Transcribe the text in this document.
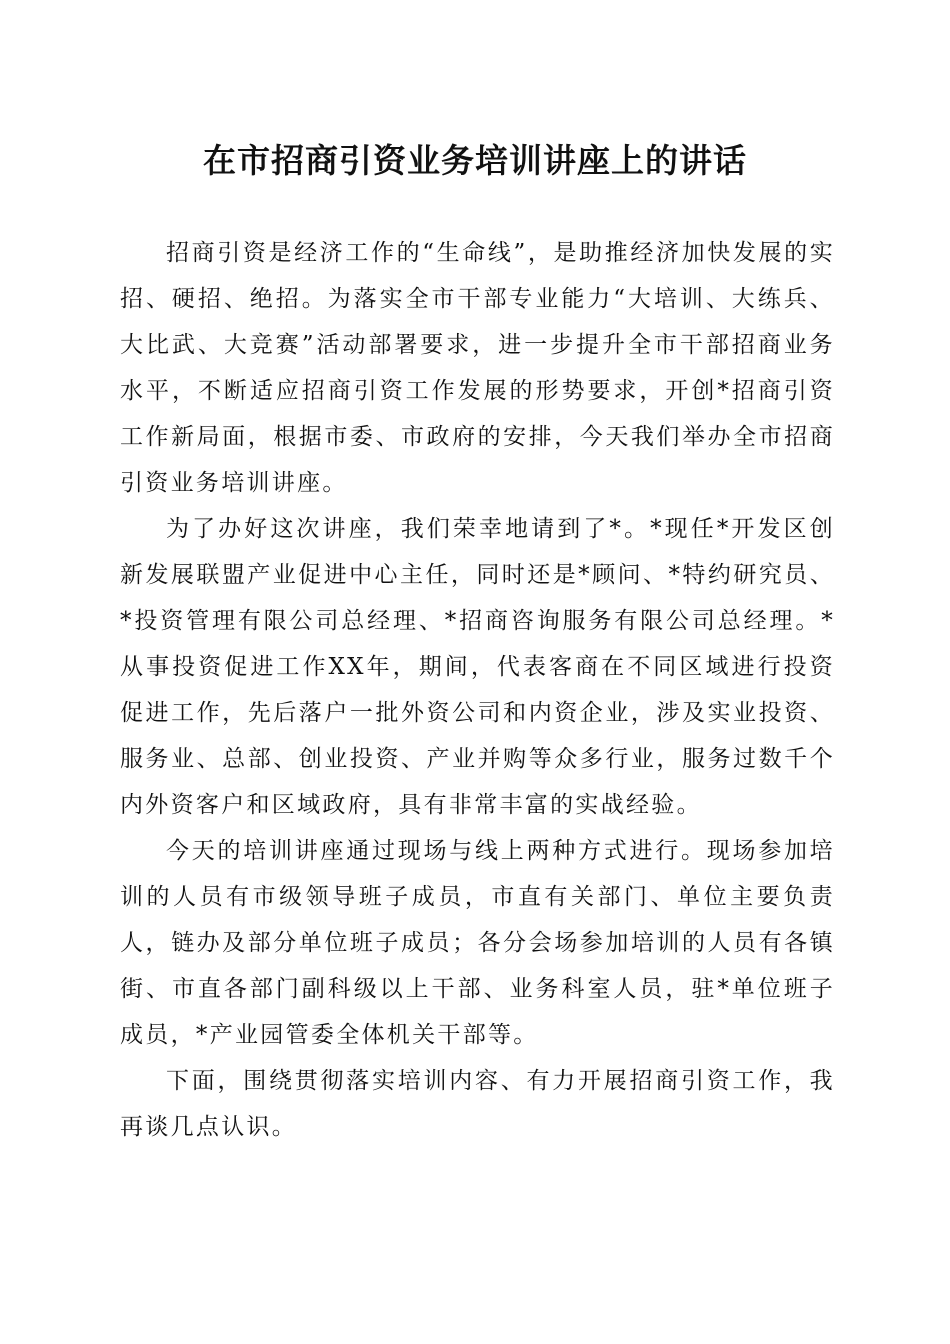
在市招商引资业务培训讲座上的讲话

招商引资是经济工作的“生命线”，是助推经济加快发展的实招、硬招、绝招。为落实全市干部专业能力“大培训、大练兵、大比武、大竞赛”活动部署要求，进一步提升全市干部招商业务水平，不断适应招商引资工作发展的形势要求，开创*招商引资工作新局面，根据市委、市政府的安排，今天我们举办全市招商引资业务培训讲座。

为了办好这次讲座，我们荣幸地请到了*。*现任*开发区创新发展联盟产业促进中心主任，同时还是*顾问、*特约研究员、*投资管理有限公司总经理、*招商咨询服务有限公司总经理。*从事投资促进工作XX年，期间，代表客商在不同区域进行投资促进工作，先后落户一批外资公司和内资企业，涉及实业投资、服务业、总部、创业投资、产业并购等众多行业，服务过数千个内外资客户和区域政府，具有非常丰富的实战经验。

今天的培训讲座通过现场与线上两种方式进行。现场参加培训的人员有市级领导班子成员，市直有关部门、单位主要负责人，链办及部分单位班子成员；各分会场参加培训的人员有各镇街、市直各部门副科级以上干部、业务科室人员，驻*单位班子成员，*产业园管委全体机关干部等。

下面，围绕贯彻落实培训内容、有力开展招商引资工作，我再谈几点认识。
